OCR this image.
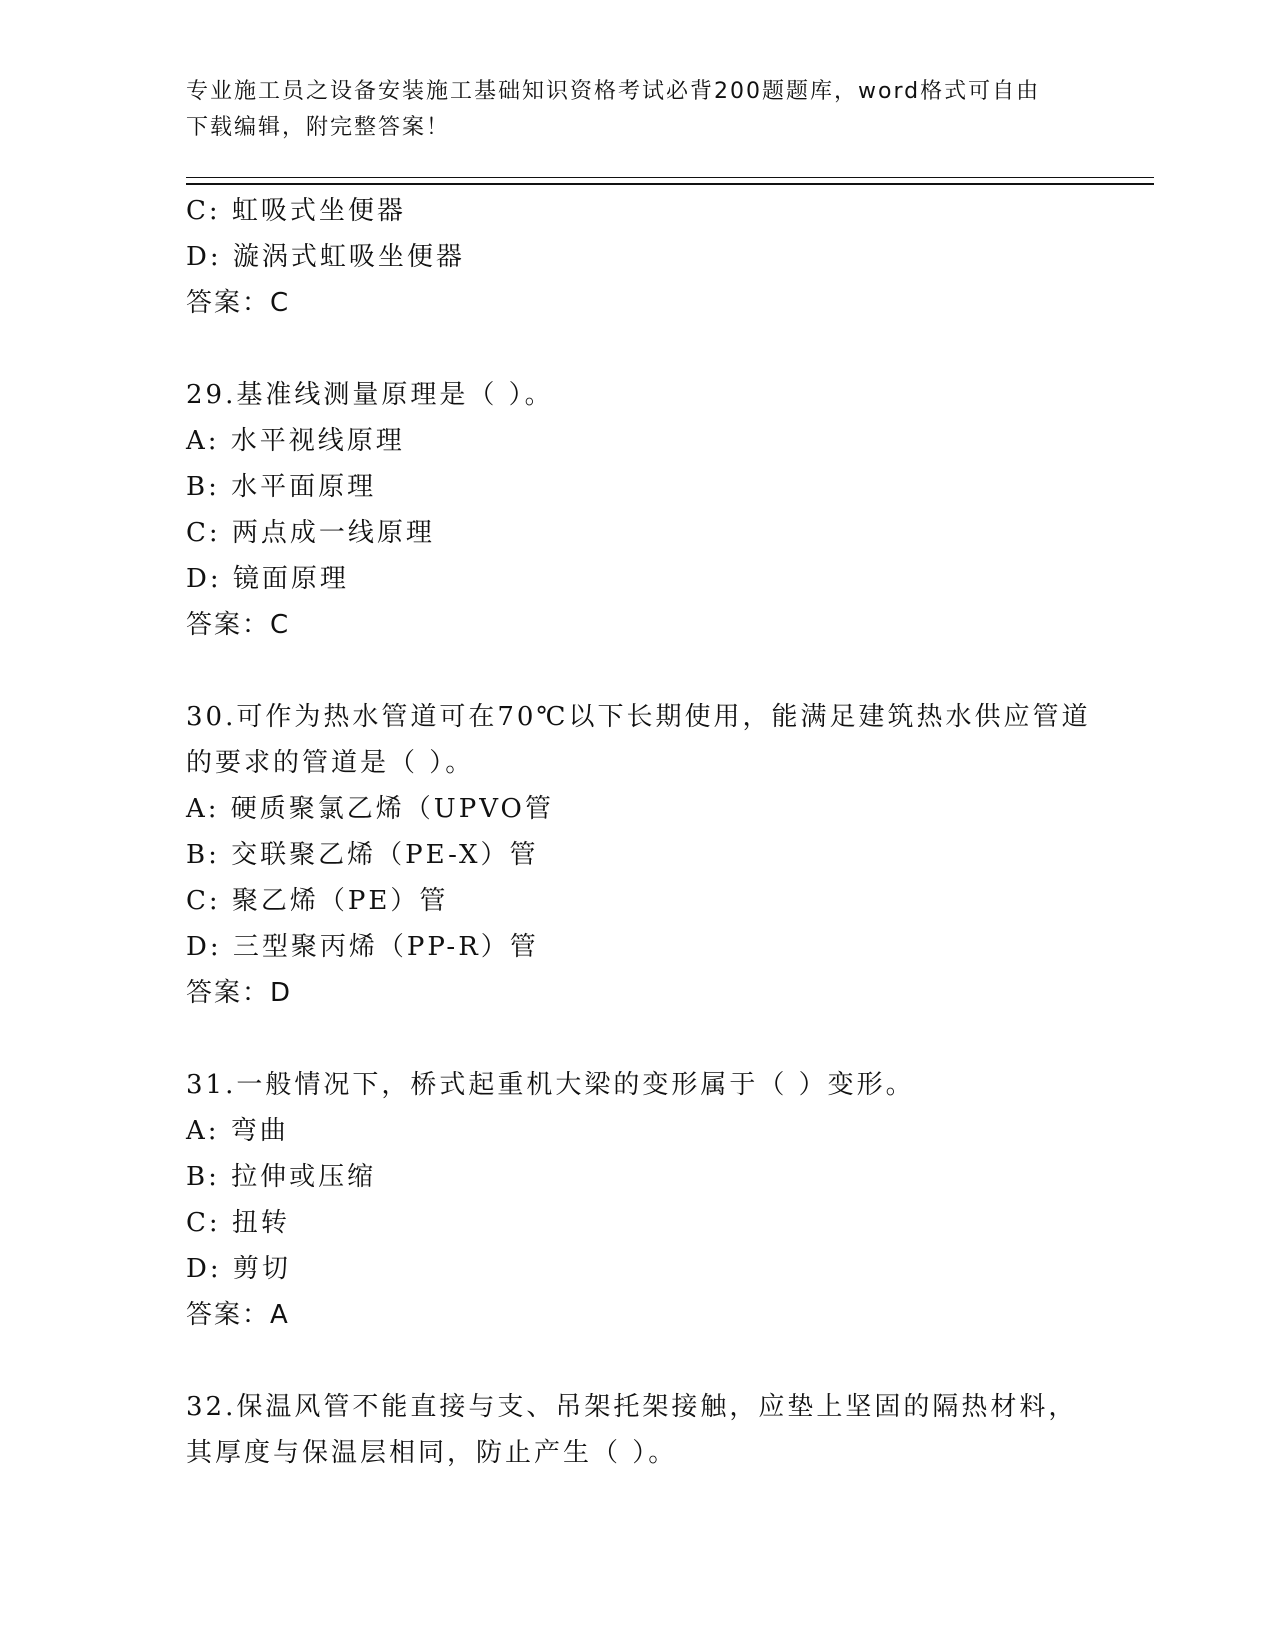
专业施工员之设备安装施工基础知识资格考试必背200题题库，word格式可自由
下载编辑，附完整答案！
C: 虹吸式坐便器
D: 漩涡式虹吸坐便器
答案：C
29.基准线测量原理是（ ）。
A: 水平视线原理
B: 水平面原理
C: 两点成一线原理
D: 镜面原理
答案：C
30.可作为热水管道可在70℃以下长期使用，能满足建筑热水供应管道
的要求的管道是（ ）。
A: 硬质聚氯乙烯（UPVO管
B: 交联聚乙烯（PE-X）管
C: 聚乙烯（PE）管
D: 三型聚丙烯（PP-R）管
答案：D
31.一般情况下，桥式起重机大梁的变形属于（ ）变形。
A: 弯曲
B: 拉伸或压缩
C: 扭转
D: 剪切
答案：A
32.保温风管不能直接与支、吊架托架接触，应垫上坚固的隔热材料，
其厚度与保温层相同，防止产生（ ）。
